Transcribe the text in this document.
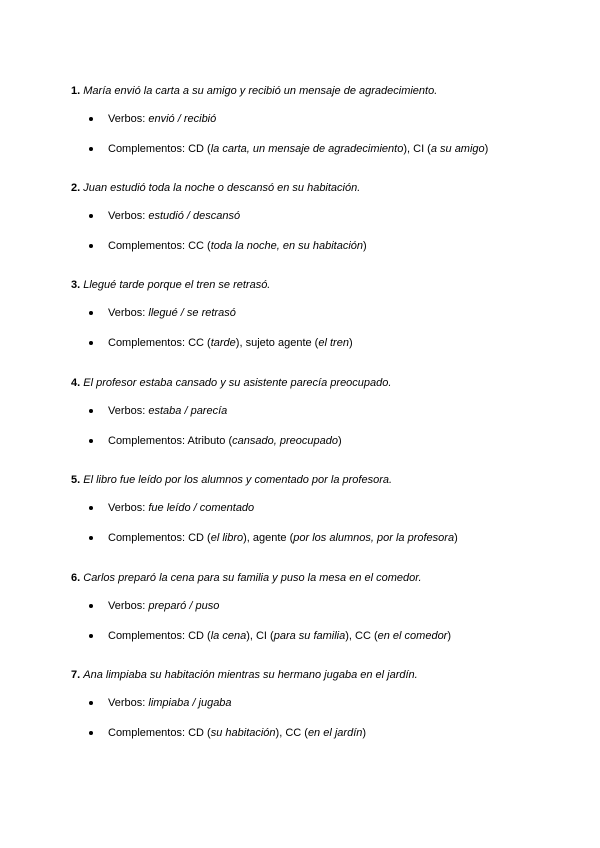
1. María envió la carta a su amigo y recibió un mensaje de agradecimiento.
Verbos: envió / recibió
Complementos: CD (la carta, un mensaje de agradecimiento), CI (a su amigo)
2. Juan estudió toda la noche o descansó en su habitación.
Verbos: estudió / descansó
Complementos: CC (toda la noche, en su habitación)
3. Llegué tarde porque el tren se retrasó.
Verbos: llegué / se retrasó
Complementos: CC (tarde), sujeto agente (el tren)
4. El profesor estaba cansado y su asistente parecía preocupado.
Verbos: estaba / parecía
Complementos: Atributo (cansado, preocupado)
5. El libro fue leído por los alumnos y comentado por la profesora.
Verbos: fue leído / comentado
Complementos: CD (el libro), agente (por los alumnos, por la profesora)
6. Carlos preparó la cena para su familia y puso la mesa en el comedor.
Verbos: preparó / puso
Complementos: CD (la cena), CI (para su familia), CC (en el comedor)
7. Ana limpiaba su habitación mientras su hermano jugaba en el jardín.
Verbos: limpiaba / jugaba
Complementos: CD (su habitación), CC (en el jardín)
